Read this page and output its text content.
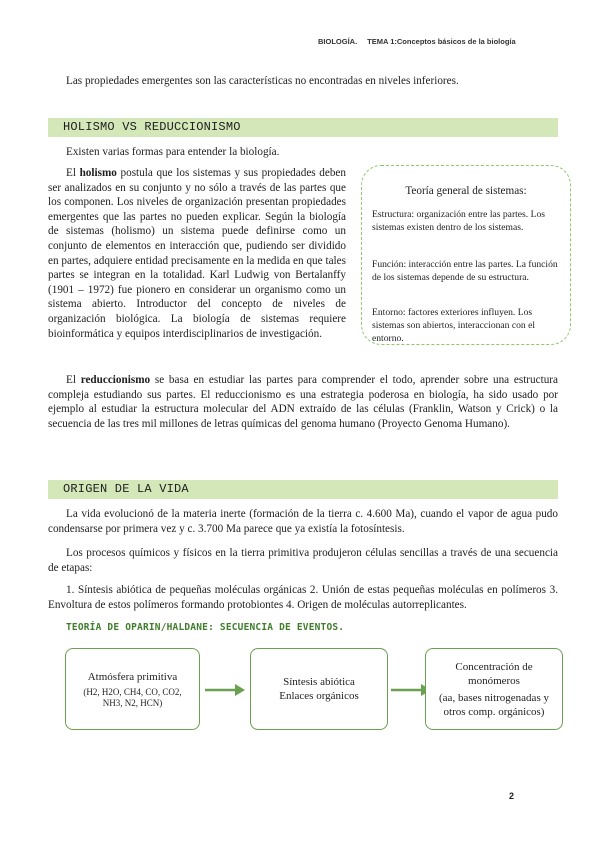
BIOLOGÍA. TEMA 1:Conceptos básicos de la biología

Las propiedades emergentes son las características no encontradas en niveles inferiores.

HOLISMO VS REDUCCIONISMO

Existen varias formas para entender la biología.

El holismo postula que los sistemas y sus propiedades deben ser analizados en su conjunto y no sólo a través de las partes que los componen. Los niveles de organización presentan propiedades emergentes que las partes no pueden explicar. Según la biología de sistemas (holismo) un sistema puede definirse como un conjunto de elementos en interacción que, pudiendo ser dividido en partes, adquiere entidad precisamente en la medida en que tales partes se integran en la totalidad. Karl Ludwig von Bertalanffy (1901 – 1972) fue pionero en considerar un organismo como un sistema abierto. Introductor del concepto de niveles de organización biológica. La biología de sistemas requiere bioinformática y equipos interdisciplinarios de investigación.

Teoría general de sistemas:

Estructura: organización entre las partes. Los sistemas existen dentro de los sistemas.

Función: interacción entre las partes. La función de los sistemas depende de su estructura.

Entorno: factores exteriores influyen. Los sistemas son abiertos, interaccionan con el entorno.

El reduccionismo se basa en estudiar las partes para comprender el todo, aprender sobre una estructura compleja estudiando sus partes. El reduccionismo es una estrategia poderosa en biología, ha sido usado por ejemplo al estudiar la estructura molecular del ADN extraído de las células (Franklin, Watson y Crick) o la secuencia de las tres mil millones de letras químicas del genoma humano (Proyecto Genoma Humano).

ORIGEN DE LA VIDA

La vida evolucionó de la materia inerte (formación de la tierra c. 4.600 Ma), cuando el vapor de agua pudo condensarse por primera vez y c. 3.700 Ma parece que ya existía la fotosíntesis.

Los procesos químicos y físicos en la tierra primitiva produjeron células sencillas a través de una secuencia de etapas:

1. Síntesis abiótica de pequeñas moléculas orgánicas 2. Unión de estas pequeñas moléculas en polímeros 3. Envoltura de estos polímeros formando protobiontes 4. Origen de moléculas autorreplicantes.

TEORÍA DE OPARIN/HALDANE: SECUENCIA DE EVENTOS.
Atmósfera primitiva
(H2, H2O, CH4, CO, CO2, NH3, N2, HCN)
Síntesis abiótica
Enlaces orgánicos
Concentración de monómeros
(aa, bases nitrogenadas y otros comp. orgánicos)
2
